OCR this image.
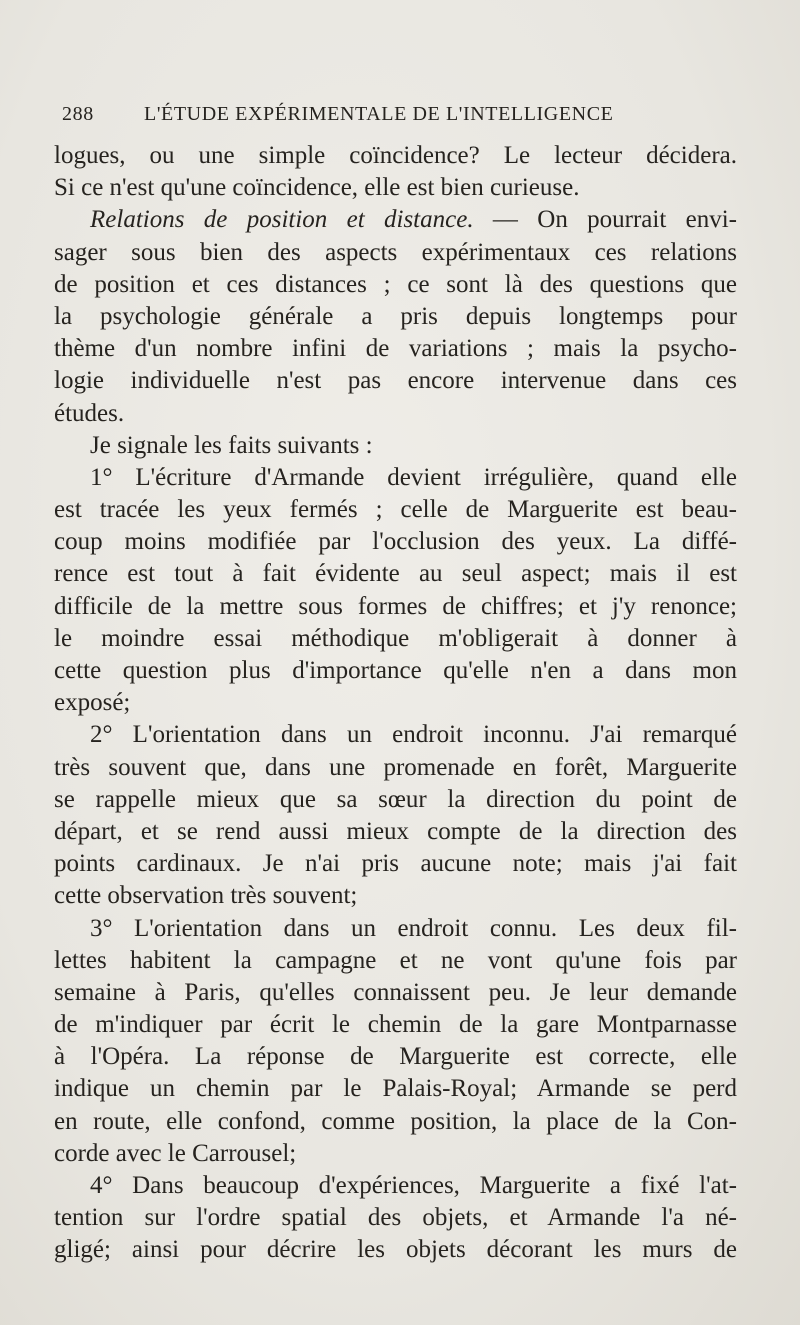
288	L'ÉTUDE EXPÉRIMENTALE DE L'INTELLIGENCE
logues, ou une simple coïncidence? Le lecteur décidera.
Si ce n'est qu'une coïncidence, elle est bien curieuse.
Relations de position et distance. — On pourrait envi-
sager sous bien des aspects expérimentaux ces relations
de position et ces distances ; ce sont là des questions que
la psychologie générale a pris depuis longtemps pour
thème d'un nombre infini de variations ; mais la psycho-
logie individuelle n'est pas encore intervenue dans ces
études.
Je signale les faits suivants :
1° L'écriture d'Armande devient irrégulière, quand elle
est tracée les yeux fermés ; celle de Marguerite est beau-
coup moins modifiée par l'occlusion des yeux. La diffé-
rence est tout à fait évidente au seul aspect; mais il est
difficile de la mettre sous formes de chiffres; et j'y renonce;
le moindre essai méthodique m'obligerait à donner à
cette question plus d'importance qu'elle n'en a dans mon
exposé;
2° L'orientation dans un endroit inconnu. J'ai remarqué
très souvent que, dans une promenade en forêt, Marguerite
se rappelle mieux que sa sœur la direction du point de
départ, et se rend aussi mieux compte de la direction des
points cardinaux. Je n'ai pris aucune note; mais j'ai fait
cette observation très souvent;
3° L'orientation dans un endroit connu. Les deux fil-
lettes habitent la campagne et ne vont qu'une fois par
semaine à Paris, qu'elles connaissent peu. Je leur demande
de m'indiquer par écrit le chemin de la gare Montparnasse
à l'Opéra. La réponse de Marguerite est correcte, elle
indique un chemin par le Palais-Royal; Armande se perd
en route, elle confond, comme position, la place de la Con-
corde avec le Carrousel;
4° Dans beaucoup d'expériences, Marguerite a fixé l'at-
tention sur l'ordre spatial des objets, et Armande l'a né-
gligé; ainsi pour décrire les objets décorant les murs de
